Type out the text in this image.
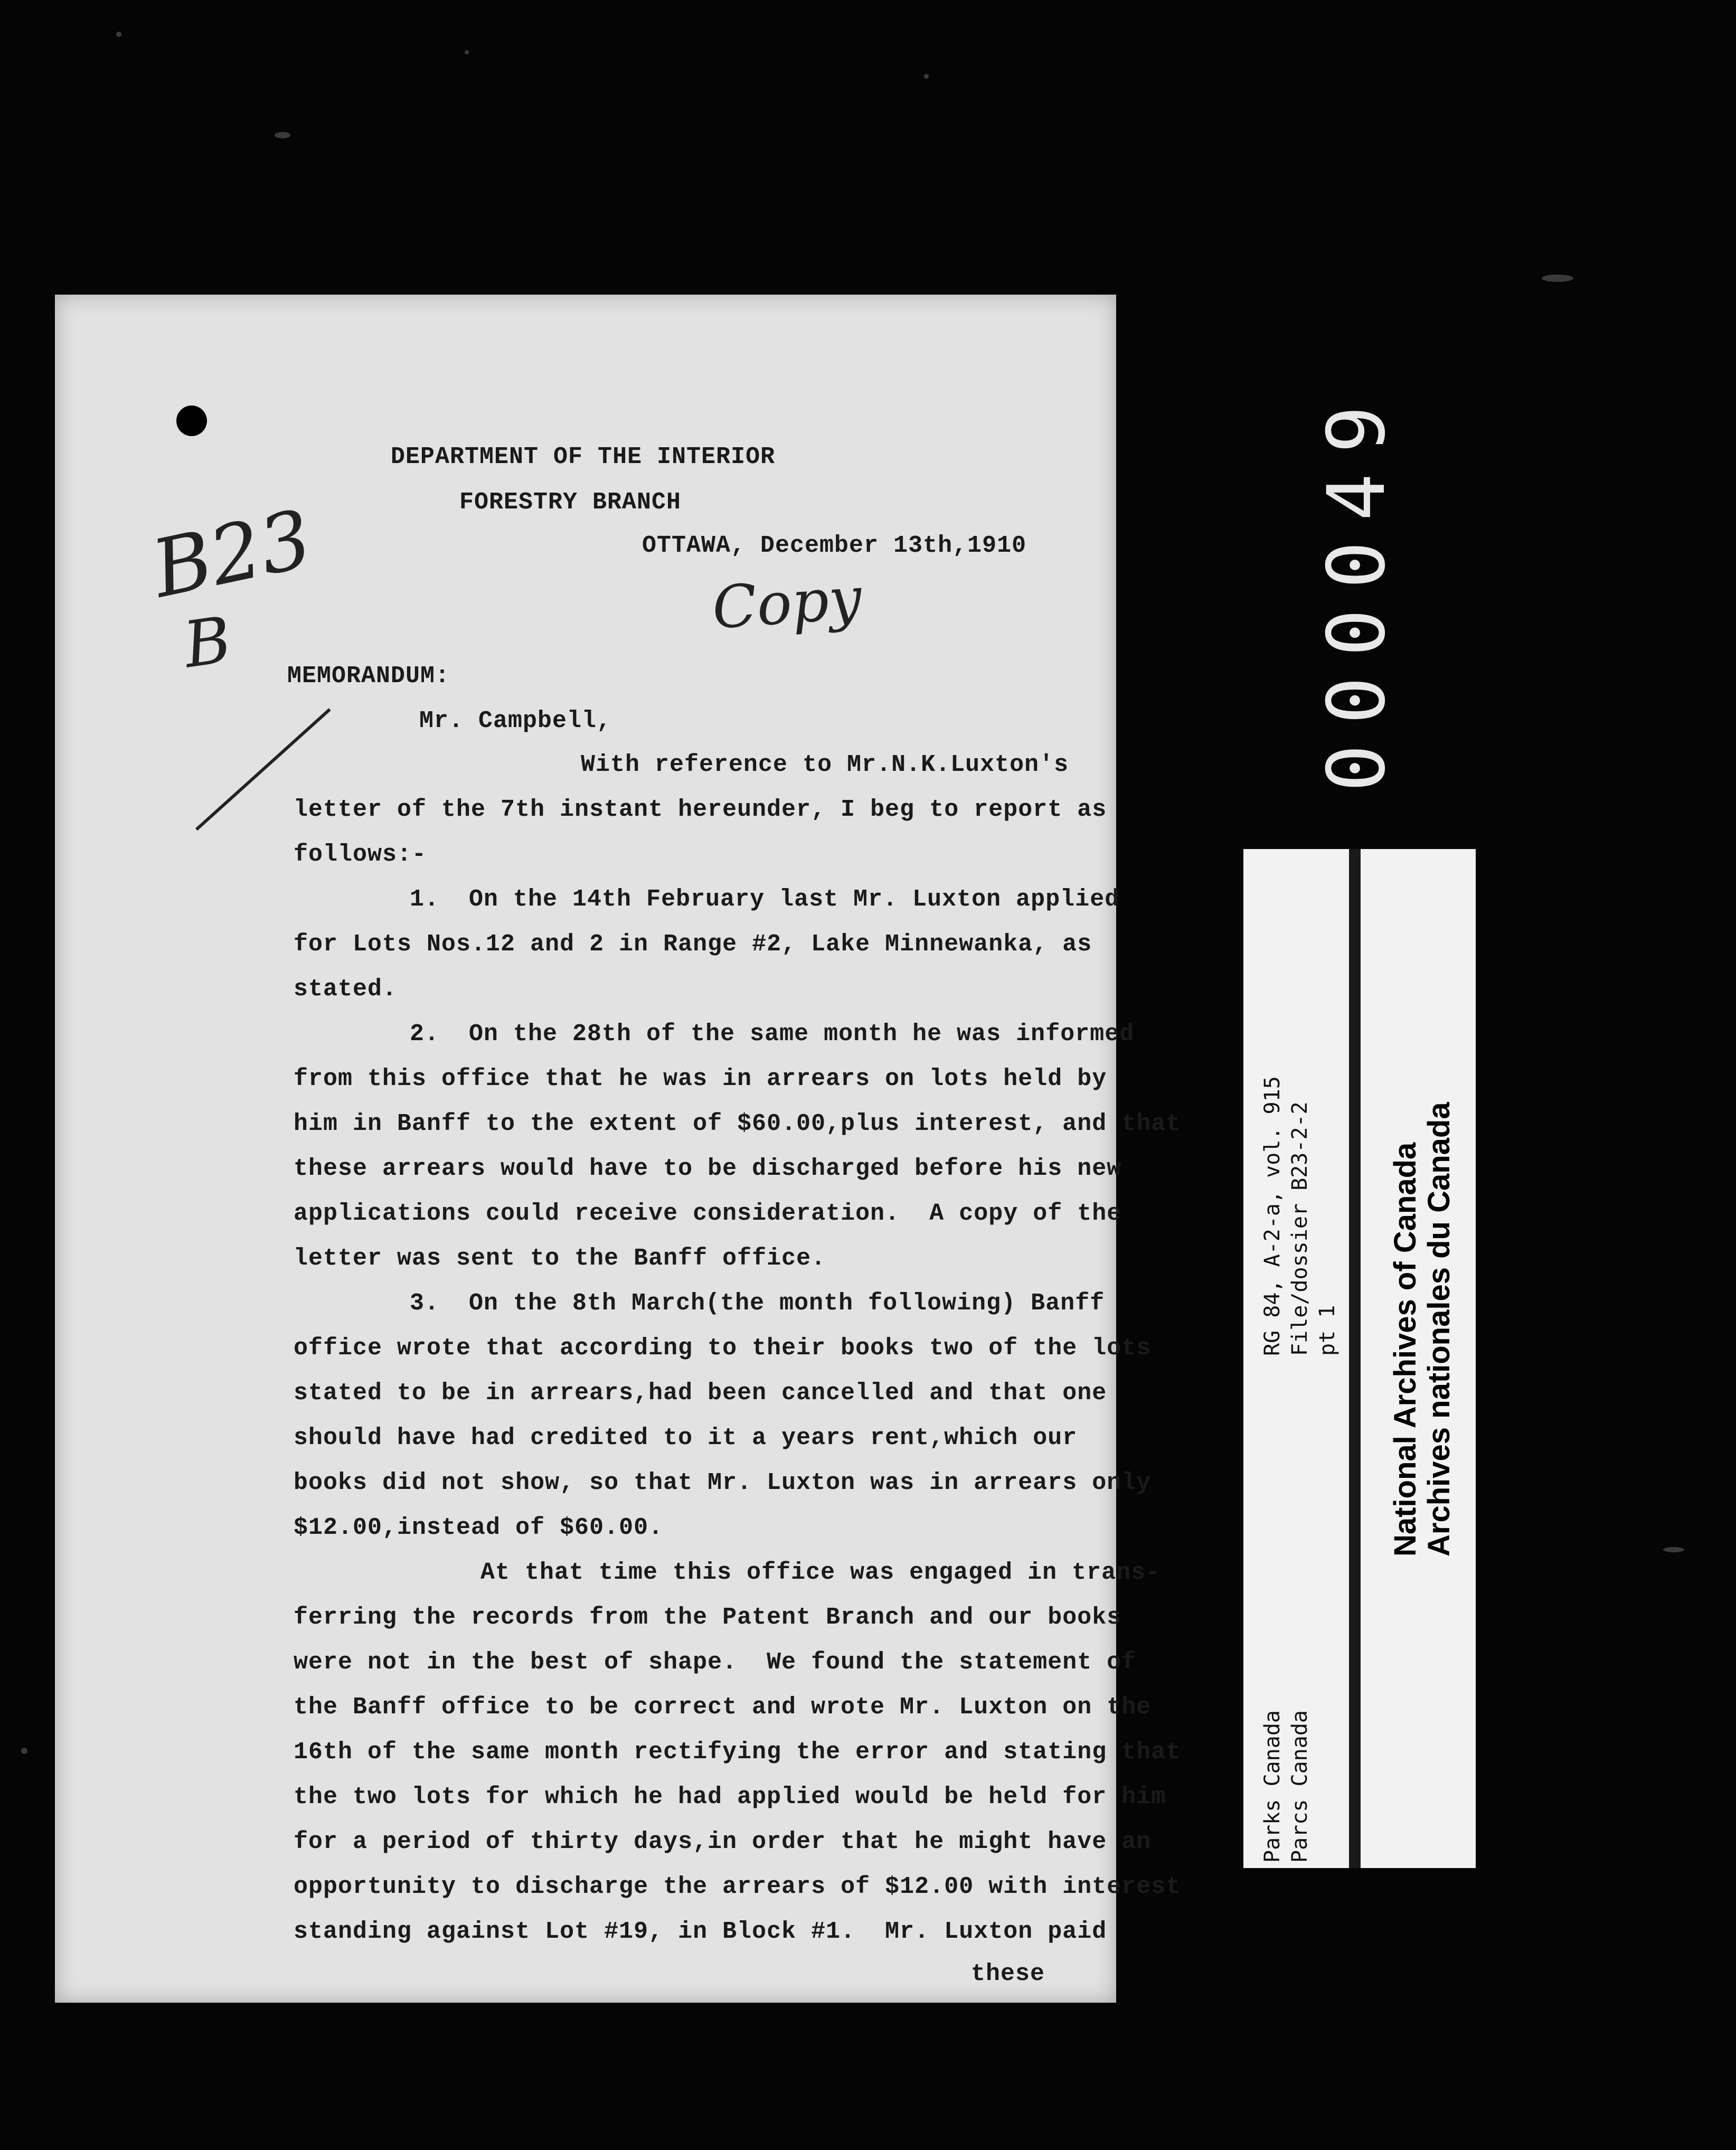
B23
B
Copy
DEPARTMENT OF THE INTERIOR
FORESTRY BRANCH
OTTAWA, December 13th,1910
MEMORANDUM:
Mr. Campbell,
With reference to Mr.N.K.Luxton's
letter of the 7th instant hereunder, I beg to report as
follows:-
1.  On the 14th February last Mr. Luxton applied
for Lots Nos.12 and 2 in Range #2, Lake Minnewanka, as
stated.
2.  On the 28th of the same month he was informed
from this office that he was in arrears on lots held by
him in Banff to the extent of $60.00,plus interest, and that
these arrears would have to be discharged before his new
applications could receive consideration.  A copy of the
letter was sent to the Banff office.
3.  On the 8th March(the month following) Banff
office wrote that according to their books two of the lots
stated to be in arrears,had been cancelled and that one
should have had credited to it a years rent,which our
books did not show, so that Mr. Luxton was in arrears only
$12.00,instead of $60.00.
At that time this office was engaged in trans-
ferring the records from the Patent Branch and our books
were not in the best of shape.  We found the statement of
the Banff office to be correct and wrote Mr. Luxton on the
16th of the same month rectifying the error and stating that
the two lots for which he had applied would be held for him
for a period of thirty days,in order that he might have an
opportunity to discharge the arrears of $12.00 with interest
standing against Lot #19, in Block #1.  Mr. Luxton paid
these
000049
RG 84, A-2-a, vol. 915 File/dossier B23-2-2 pt 1
Parks Canada Parcs Canada
National Archives of Canada Archives nationales du Canada
